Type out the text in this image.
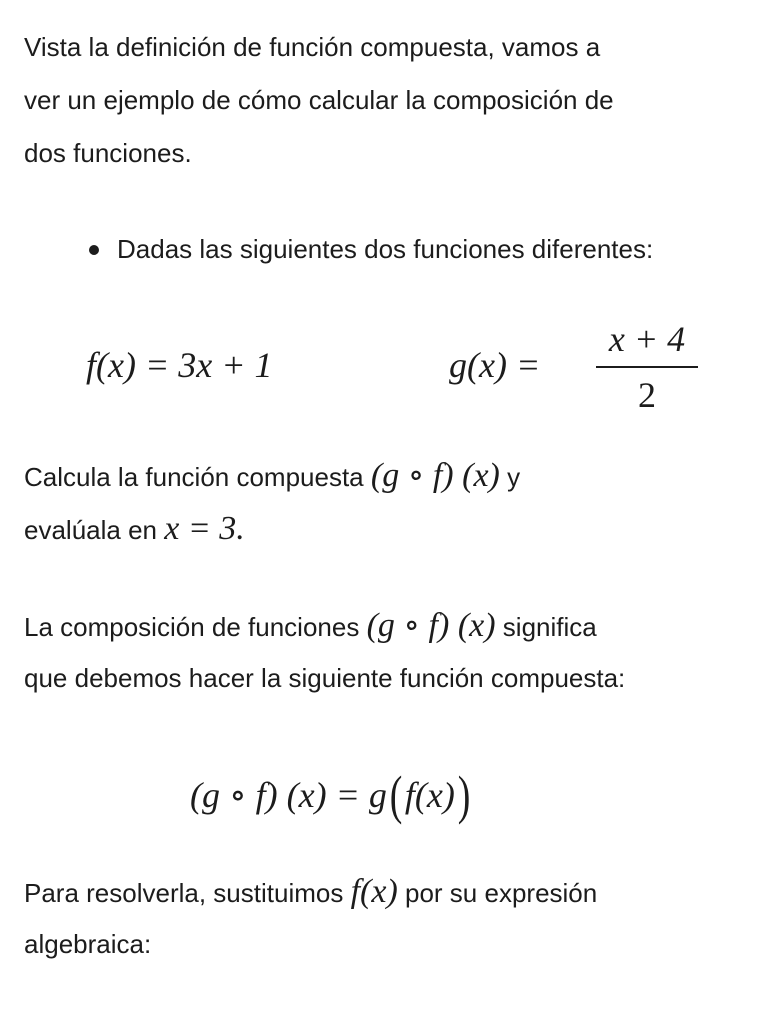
Vista la definición de función compuesta, vamos a
ver un ejemplo de cómo calcular la composición de
dos funciones.
Dadas las siguientes dos funciones diferentes:
f(x) = 3x + 1	g(x) =
x + 4
2
Calcula la función compuesta (g ∘ f) (x) y
evalúala en x = 3.
La composición de funciones (g ∘ f) (x) significa
que debemos hacer la siguiente función compuesta:
(g ∘ f) (x) = g(f(x))
Para resolverla, sustituimos f(x) por su expresión
algebraica:
